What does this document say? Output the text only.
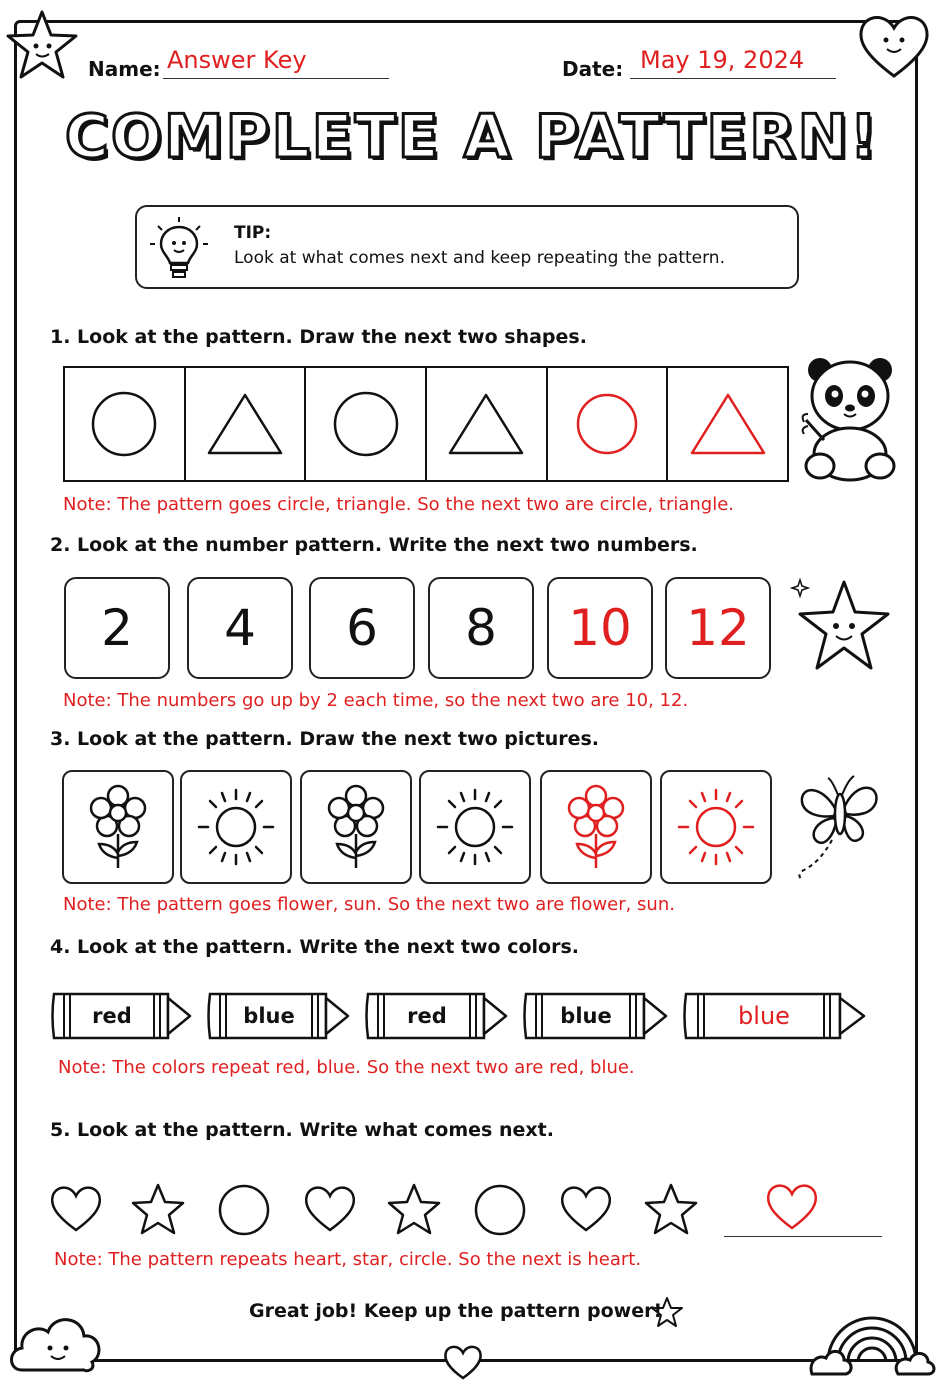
Name: Answer Key	Date: May 19, 2024
COMPLETE A PATTERN!
TIP:
Look at what comes next and keep repeating the pattern.
1. Look at the pattern. Draw the next two shapes.
Note: The pattern goes circle, triangle. So the next two are circle, triangle.
2. Look at the number pattern. Write the next two numbers.
2	4	6	8	10	12
Note: The numbers go up by 2 each time, so the next two are 10, 12.
3. Look at the pattern. Draw the next two pictures.
Note: The pattern goes flower, sun. So the next two are flower, sun.
4. Look at the pattern. Write the next two colors.
red	blue	red	blue	blue
Note: The colors repeat red, blue. So the next two are red, blue.
5. Look at the pattern. Write what comes next.
Note: The pattern repeats heart, star, circle. So the next is heart.
Great job! Keep up the pattern power!
